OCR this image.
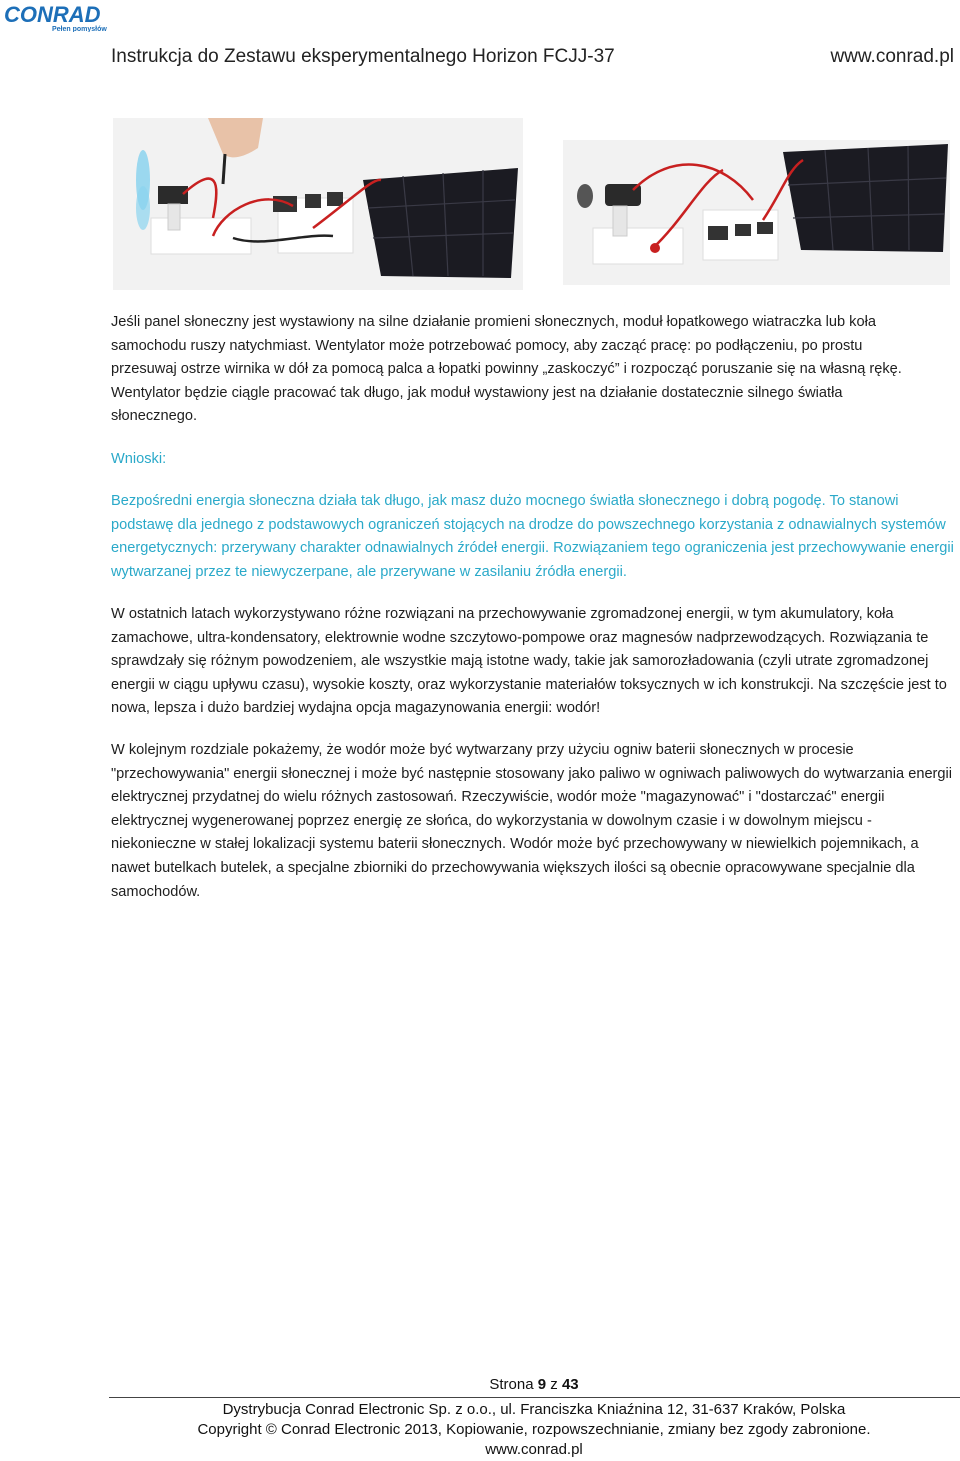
CONRAD
Pełen pomysłów
Instrukcja do Zestawu eksperymentalnego Horizon FCJJ-37	www.conrad.pl

Jeśli panel słoneczny jest wystawiony na silne działanie promieni słonecznych, moduł łopatkowego wiatraczka lub koła

samochodu ruszy natychmiast. Wentylator może potrzebować pomocy, aby zacząć pracę: po podłączeniu, po prostu

przesuwaj ostrze wirnika w dół za pomocą palca a łopatki powinny „zaskoczyć” i rozpocząć poruszanie się na własną rękę.

Wentylator będzie ciągle pracować tak długo, jak moduł wystawiony jest na działanie dostatecznie silnego światła

słonecznego.

Wnioski:
Bezpośredni energia słoneczna działa tak długo, jak masz dużo mocnego światła słonecznego i dobrą pogodę. To stanowi podstawę dla jednego z podstawowych ograniczeń stojących na drodze do powszechnego korzystania z odnawialnych systemów energetycznych: przerywany charakter odnawialnych źródeł energii. Rozwiązaniem tego ograniczenia jest przechowywanie energii wytwarzanej przez te niewyczerpane, ale przerywane w zasilaniu źródła energii.
W ostatnich latach wykorzystywano różne rozwiązani na przechowywanie zgromadzonej energii, w tym akumulatory, koła zamachowe, ultra-kondensatory, elektrownie wodne szczytowo-pompowe oraz magnesów nadprzewodzących. Rozwiązania te sprawdzały się różnym powodzeniem, ale wszystkie mają istotne wady, takie jak samorozładowania (czyli utrate zgromadzonej energii w ciągu upływu czasu), wysokie koszty, oraz wykorzystanie materiałów toksycznych w ich konstrukcji. Na szczęście jest to nowa, lepsza i dużo bardziej wydajna opcja magazynowania energii: wodór!
W kolejnym rozdziale pokażemy, że wodór może być wytwarzany przy użyciu ogniw baterii słonecznych w procesie "przechowywania" energii słonecznej i może być następnie stosowany jako paliwo w ogniwach paliwowych do wytwarzania energii elektrycznej przydatnej do wielu różnych zastosowań. Rzeczywiście, wodór może "magazynować" i "dostarczać" energii elektrycznej wygenerowanej poprzez energię ze słońca, do wykorzystania w dowolnym czasie i w dowolnym miejscu - niekonieczne w stałej lokalizacji systemu baterii słonecznych. Wodór może być przechowywany w niewielkich pojemnikach, a nawet butelkach butelek, a specjalne zbiorniki do przechowywania większych ilości są obecnie opracowywane specjalnie dla samochodów.
Strona 9 z 43
Dystrybucja Conrad Electronic Sp. z o.o., ul. Franciszka Kniaźnina 12, 31-637 Kraków, Polska
Copyright © Conrad Electronic 2013, Kopiowanie, rozpowszechnianie, zmiany bez zgody zabronione.
www.conrad.pl
